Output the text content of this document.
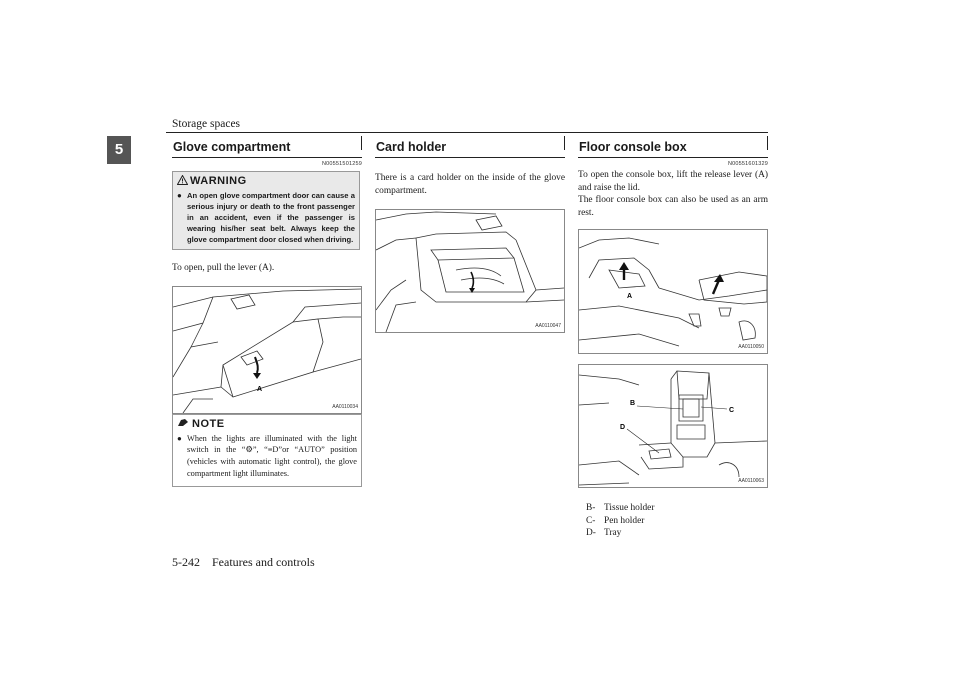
Storage spaces
5	Glove compartment
N00551501259
WARNING
● An open glove compartment door can cause a serious injury or death to the front passenger in an accident, even if the passenger is wearing his/her seat belt. Always keep the glove compartment door closed when driving.
To open, pull the lever (A).
A
AA0110034
NOTE
● When the lights are illuminated with the light switch in the “⚙”, “≡D”or “AUTO” position (vehicles with automatic light control), the glove compartment light illuminates.
Card holder
There is a card holder on the inside of the glove compartment.
AA0110047
Floor console box
N00551601329
To open the console box, lift the release lever (A) and raise the lid.
The floor console box can also be used as an arm rest.
A
AA0110050
B
C
D
AA0110063
B- Tissue holder
C- Pen holder
D- Tray
5-242 Features and controls
